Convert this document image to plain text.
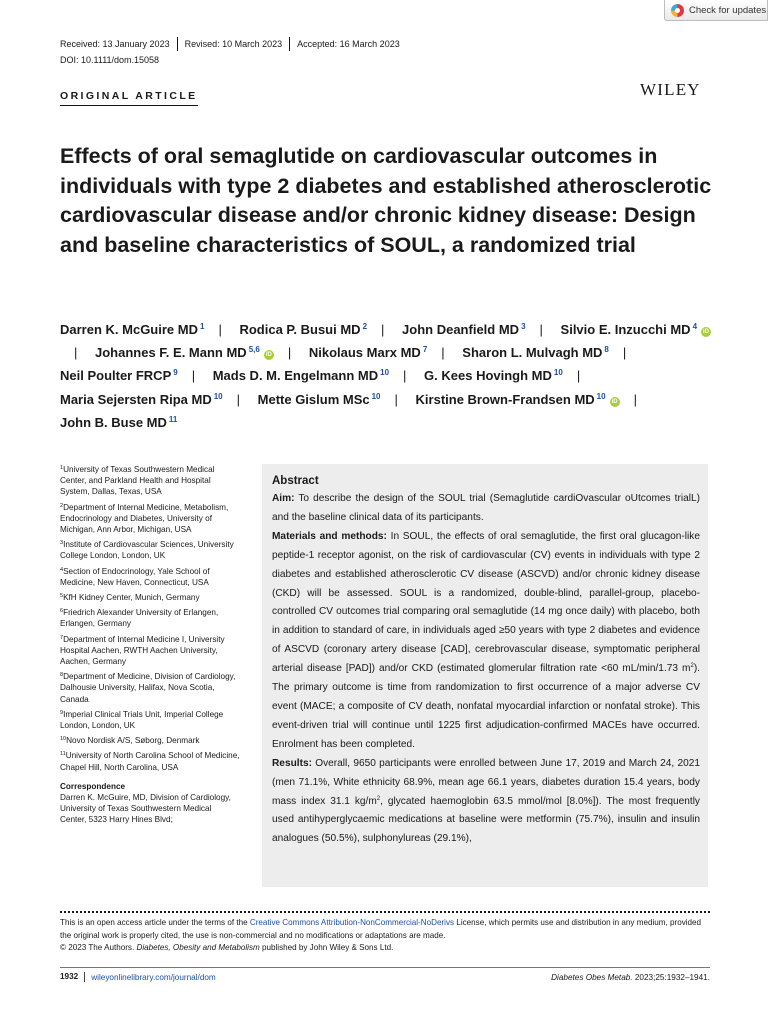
Check for updates
Received: 13 January 2023	Revised: 10 March 2023	Accepted: 16 March 2023
DOI: 10.1111/dom.15058
ORIGINAL ARTICLE	WILEY
Effects of oral semaglutide on cardiovascular outcomes in individuals with type 2 diabetes and established atherosclerotic cardiovascular disease and/or chronic kidney disease: Design and baseline characteristics of SOUL, a randomized trial
Darren K. McGuire MD $^1$ | Rodica P. Busui MD $^2$ | John Deanfield MD $^3$ | Silvio E. Inzucchi MD $^4$iD| Johannes F. E. Mann MD $^{5,6}$iD | Nikolaus Marx MD $^7$ | Sharon L. Mulvagh MD $^8$ | Neil Poulter FRCP $^9$ | Mads D. M. Engelmann MD $^{10}$ | G. Kees Hovingh MD $^{10}$ | Maria Sejersten Ripa MD $^{10}$ | Mette Gislum MSc $^{10}$ | Kirstine Brown-Frandsen MD $^{10}$iD | John B. Buse MD $^{11}$
$^1$University of Texas Southwestern Medical Center, and Parkland Health and Hospital System, Dallas, Texas, USA
$^2$Department of Internal Medicine, Metabolism, Endocrinology and Diabetes, University of Michigan, Ann Arbor, Michigan, USA
$^3$Institute of Cardiovascular Sciences, University College London, London, UK
$^4$Section of Endocrinology, Yale School of Medicine, New Haven, Connecticut, USA
$^5$KfH Kidney Center, Munich, Germany
$^6$Friedrich Alexander University of Erlangen, Erlangen, Germany
$^7$Department of Internal Medicine I, University Hospital Aachen, RWTH Aachen University, Aachen, Germany
$^8$Department of Medicine, Division of Cardiology, Dalhousie University, Halifax, Nova Scotia, Canada
$^9$Imperial Clinical Trials Unit, Imperial College London, London, UK
$^{10}$Novo Nordisk A/S, Søborg, Denmark
$^{11}$University of North Carolina School of Medicine, Chapel Hill, North Carolina, USA
Correspondence
Darren K. McGuire, MD, Division of Cardiology, University of Texas Southwestern Medical Center, 5323 Harry Hines Blvd;
Abstract

Aim: To describe the design of the SOUL trial (Semaglutide cardiOvascular oUtcomes trialL) and the baseline clinical data of its participants.

Materials and methods: In SOUL, the effects of oral semaglutide, the first oral glucagon-like peptide-1 receptor agonist, on the risk of cardiovascular (CV) events in individuals with type 2 diabetes and established atherosclerotic CV disease (ASCVD) and/or chronic kidney disease (CKD) will be assessed. SOUL is a randomized, double-blind, parallel-group, placebo-controlled CV outcomes trial comparing oral semaglutide (14 mg once daily) with placebo, both in addition to standard of care, in individuals aged ≥50 years with type 2 diabetes and evidence of ASCVD (coronary artery disease [CAD], cerebrovascular disease, symptomatic peripheral arterial disease [PAD]) and/or CKD (estimated glomerular filtration rate <60 mL/min/1.73 $m^2$). The primary outcome is time from randomization to first occurrence of a major adverse CV event (MACE; a composite of CV death, nonfatal myocardial infarction or nonfatal stroke). This event-driven trial will continue until 1225 first adjudication-confirmed MACEs have occurred. Enrolment has been completed.

Results: Overall, 9650 participants were enrolled between June 17, 2019 and March 24, 2021 (men 71.1%, White ethnicity 68.9%, mean age 66.1 years, diabetes duration 15.4 years, body mass index 31.1 $kg/m^2$, glycated haemoglobin 63.5 mmol/mol [8.0%]). The most frequently used antihyperglycaemic medications at baseline were metformin (75.7%), insulin and insulin analogues (50.5%), sulphonylureas (29.1%),

This is an open access article under the terms of the Creative Commons Attribution-NonCommercial-NoDerivs License, which permits use and distribution in any medium, provided the original work is properly cited, the use is non-commercial and no modifications or adaptations are made.
© 2023 The Authors. Diabetes, Obesity and Metabolism published by John Wiley & Sons Ltd.
1932	wileyonlinelibrary.com/journal/dom	Diabetes Obes Metab. 2023;25:1932–1941.
